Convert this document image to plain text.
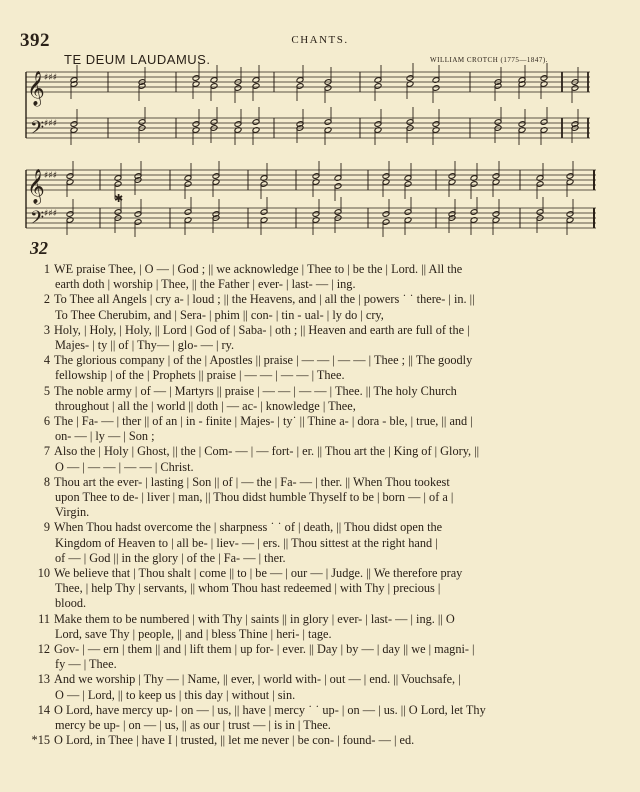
392	CHANTS.
TE DEUM LAUDAMUS.	WILLIAM CROTCH (1775—1847).
𝄞
𝄢
♯♯♯
♯♯♯
𝄞
𝄢
♯♯♯
♯♯♯
✱
32
1 WE praise Thee, | O — | God ; || we acknowledge | Thee to | be the | Lord. || All the
earth doth | worship | Thee, || the Father | ever- | last- — | ing.
2 To Thee all Angels | cry a- | loud ; || the Heavens, and | all the | powers ˙ ˙ there- | in. ||
To Thee Cherubim, and | Sera- | phim || con- | tin - ual- | ly do | cry,
3 Holy, | Holy, | Holy, || Lord | God of | Saba- | oth ; || Heaven and earth are full of the |
Majes- | ty || of | Thy— | glo- — | ry.
4 The glorious company | of the | Apostles || praise | — — | — — | Thee ; || The goodly
fellowship | of the | Prophets || praise | — — | — — | Thee.
5 The noble army | of — | Martyrs || praise | — — | — — | Thee. || The holy Church
throughout | all the | world || doth | — ac- | knowledge | Thee,
6 The | Fa- — | ther || of an | in - finite | Majes- | ty˙ || Thine a- | dora - ble, | true, || and |
on- — | ly — | Son ;
7 Also the | Holy | Ghost, || the | Com- — | — fort- | er. || Thou art the | King of | Glory, ||
O — | — — | — — | Christ.
8 Thou art the ever- | lasting | Son || of | — the | Fa- — | ther. || When Thou tookest
upon Thee to de- | liver | man, || Thou didst humble Thyself to be | born — | of a |
Virgin.
9 When Thou hadst overcome the | sharpness ˙ ˙ of | death, || Thou didst open the
Kingdom of Heaven to | all be- | liev- — | ers. || Thou sittest at the right hand |
of — | God || in the glory | of the | Fa- — | ther.
10 We believe that | Thou shalt | come || to | be — | our — | Judge. || We therefore pray
Thee, | help Thy | servants, || whom Thou hast redeemed | with Thy | precious |
blood.
11 Make them to be numbered | with Thy | saints || in glory | ever- | last- — | ing. || O
Lord, save Thy | people, || and | bless Thine | heri- | tage.
12 Gov- | — ern | them || and | lift them | up for- | ever. || Day | by — | day || we | magni- |
fy — | Thee.
13 And we worship | Thy — | Name, || ever, | world with- | out — | end. || Vouchsafe, |
O — | Lord, || to keep us | this day | without | sin.
14 O Lord, have mercy up- | on — | us, || have | mercy ˙ ˙ up- | on — | us. || O Lord, let Thy
mercy be up- | on — | us, || as our | trust — | is in | Thee.
*15 O Lord, in Thee | have I | trusted, || let me never | be con- | found- — | ed.
